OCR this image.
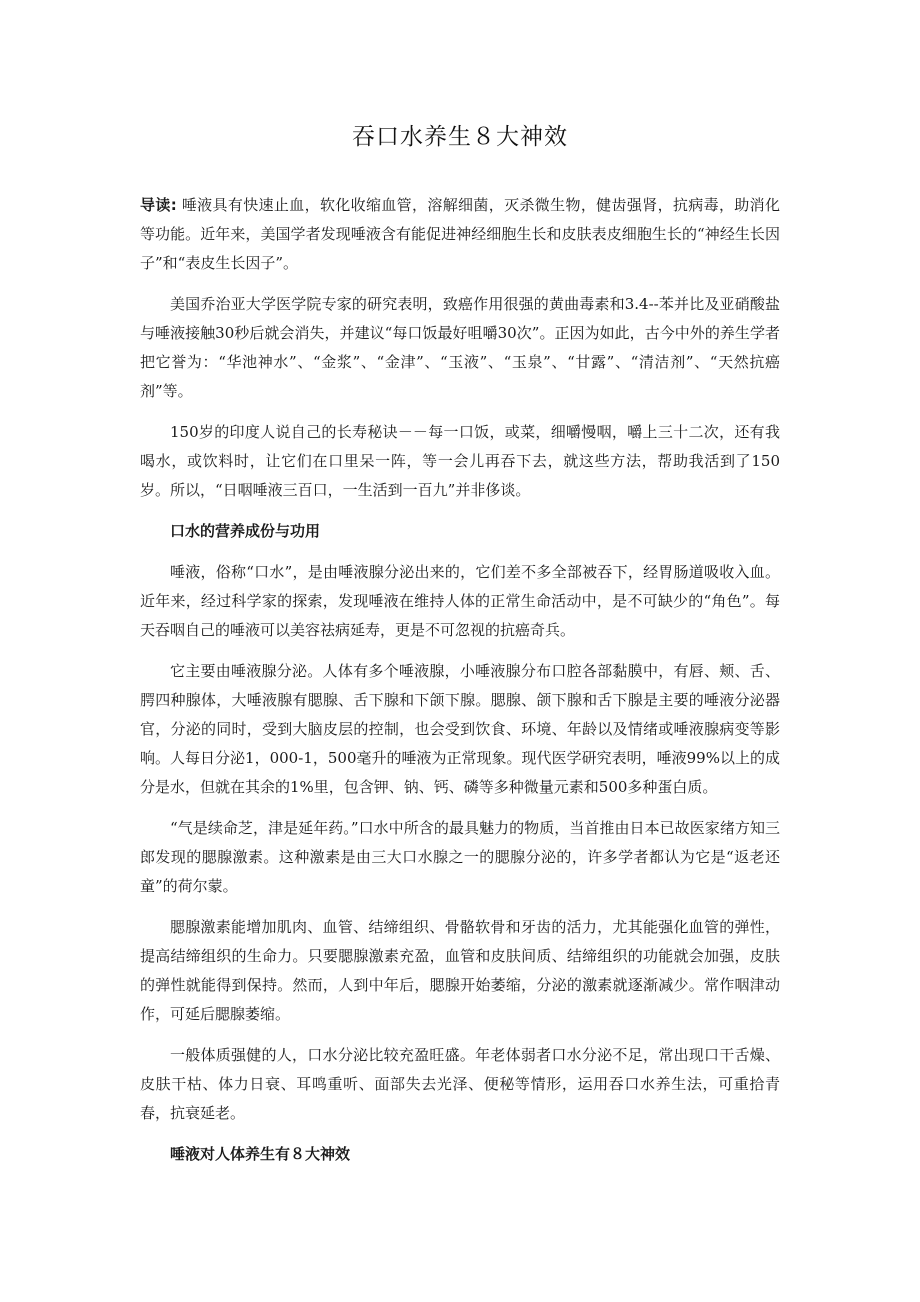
吞口水养生８大神效

导读: 唾液具有快速止血，软化收缩血管，溶解细菌，灭杀微生物，健齿强肾，抗病毒，助消化等功能。近年来，美国学者发现唾液含有能促进神经细胞生长和皮肤表皮细胞生长的“神经生长因子”和“表皮生长因子”。

美国乔治亚大学医学院专家的研究表明，致癌作用很强的黄曲毒素和3.4--苯并比及亚硝酸盐与唾液接触30秒后就会消失，并建议“每口饭最好咀嚼30次”。正因为如此，古今中外的养生学者把它誉为：“华池神水”、“金浆”、“金津”、“玉液”、“玉泉”、“甘露”、“清洁剂”、“天然抗癌剂”等。

150岁的印度人说自己的长寿秘诀－－每一口饭，或菜，细嚼慢咽，嚼上三十二次，还有我喝水，或饮料时，让它们在口里呆一阵，等一会儿再吞下去，就这些方法，帮助我活到了150岁。所以，“日咽唾液三百口，一生活到一百九”并非侈谈。

口水的营养成份与功用

唾液，俗称“口水”，是由唾液腺分泌出来的，它们差不多全部被吞下，经胃肠道吸收入血。近年来，经过科学家的探索，发现唾液在维持人体的正常生命活动中，是不可缺少的“角色”。每天吞咽自己的唾液可以美容祛病延寿，更是不可忽视的抗癌奇兵。

它主要由唾液腺分泌。人体有多个唾液腺，小唾液腺分布口腔各部黏膜中，有唇、颊、舌、腭四种腺体，大唾液腺有腮腺、舌下腺和下颌下腺。腮腺、颌下腺和舌下腺是主要的唾液分泌器官，分泌的同时，受到大脑皮层的控制，也会受到饮食、环境、年龄以及情绪或唾液腺病变等影响。人每日分泌1，000-1，500毫升的唾液为正常现象。现代医学研究表明，唾液99%以上的成分是水，但就在其余的1%里，包含钾、钠、钙、磷等多种微量元素和500多种蛋白质。

“气是续命芝，津是延年药。”口水中所含的最具魅力的物质，当首推由日本已故医家绪方知三郎发现的腮腺激素。这种激素是由三大口水腺之一的腮腺分泌的，许多学者都认为它是“返老还童”的荷尔蒙。

腮腺激素能增加肌肉、血管、结缔组织、骨骼软骨和牙齿的活力，尤其能强化血管的弹性，提高结缔组织的生命力。只要腮腺激素充盈，血管和皮肤间质、结缔组织的功能就会加强，皮肤的弹性就能得到保持。然而，人到中年后，腮腺开始萎缩，分泌的激素就逐渐减少。常作咽津动作，可延后腮腺萎缩。

一般体质强健的人，口水分泌比较充盈旺盛。年老体弱者口水分泌不足，常出现口干舌燥、皮肤干枯、体力日衰、耳鸣重听、面部失去光泽、便秘等情形，运用吞口水养生法，可重拾青春，抗衰延老。

唾液对人体养生有８大神效
